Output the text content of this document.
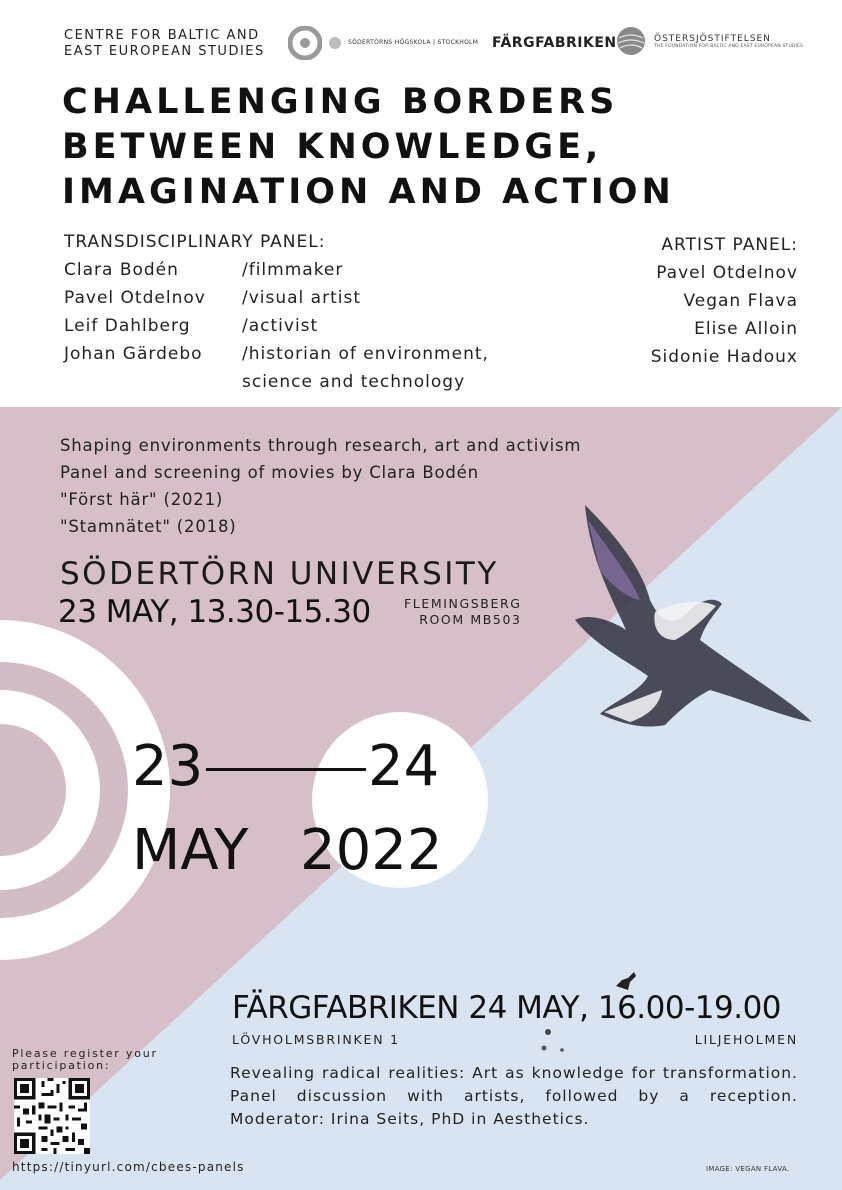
CENTRE FOR BALTIC AND
EAST EUROPEAN STUDIES
SÖDERTÖRNS HÖGSKOLA | STOCKHOLM FÄRGFABRIKEN	ÖSTERSJÖSTIFTELSEN
THE FOUNDATION FOR BALTIC AND EAST EUROPEAN STUDIES
CHALLENGING BORDERS
BETWEEN KNOWLEDGE,
IMAGINATION AND ACTION
TRANSDISCIPLINARY PANEL:
Clara Bodén	/filmmaker
Pavel Otdelnov	/visual artist
Leif Dahlberg	/activist
Johan Gärdebo	/historian of environment,
science and technology
ARTIST PANEL:
Pavel Otdelnov
Vegan Flava
Elise Alloin
Sidonie Hadoux
Shaping environments through research, art and activism
Panel and screening of movies by Clara Bodén
"Först här" (2021)
"Stamnätet" (2018)
SÖDERTÖRN UNIVERSITY
23 MAY, 13.30-15.30	FLEMINGSBERG
ROOM MB503
23	24
MAY 2022
FÄRGFABRIKEN 24 MAY, 16.00-19.00
LÖVHOLMSBRINKEN 1	LILJEHOLMEN
Revealing radical realities: Art as knowledge for transformation. Panel discussion with artists, followed by a reception. Moderator: Irina Seits, PhD in Aesthetics.
Please register your
participation:
https://tinyurl.com/cbees-panels	IMAGE: VEGAN FLAVA.
